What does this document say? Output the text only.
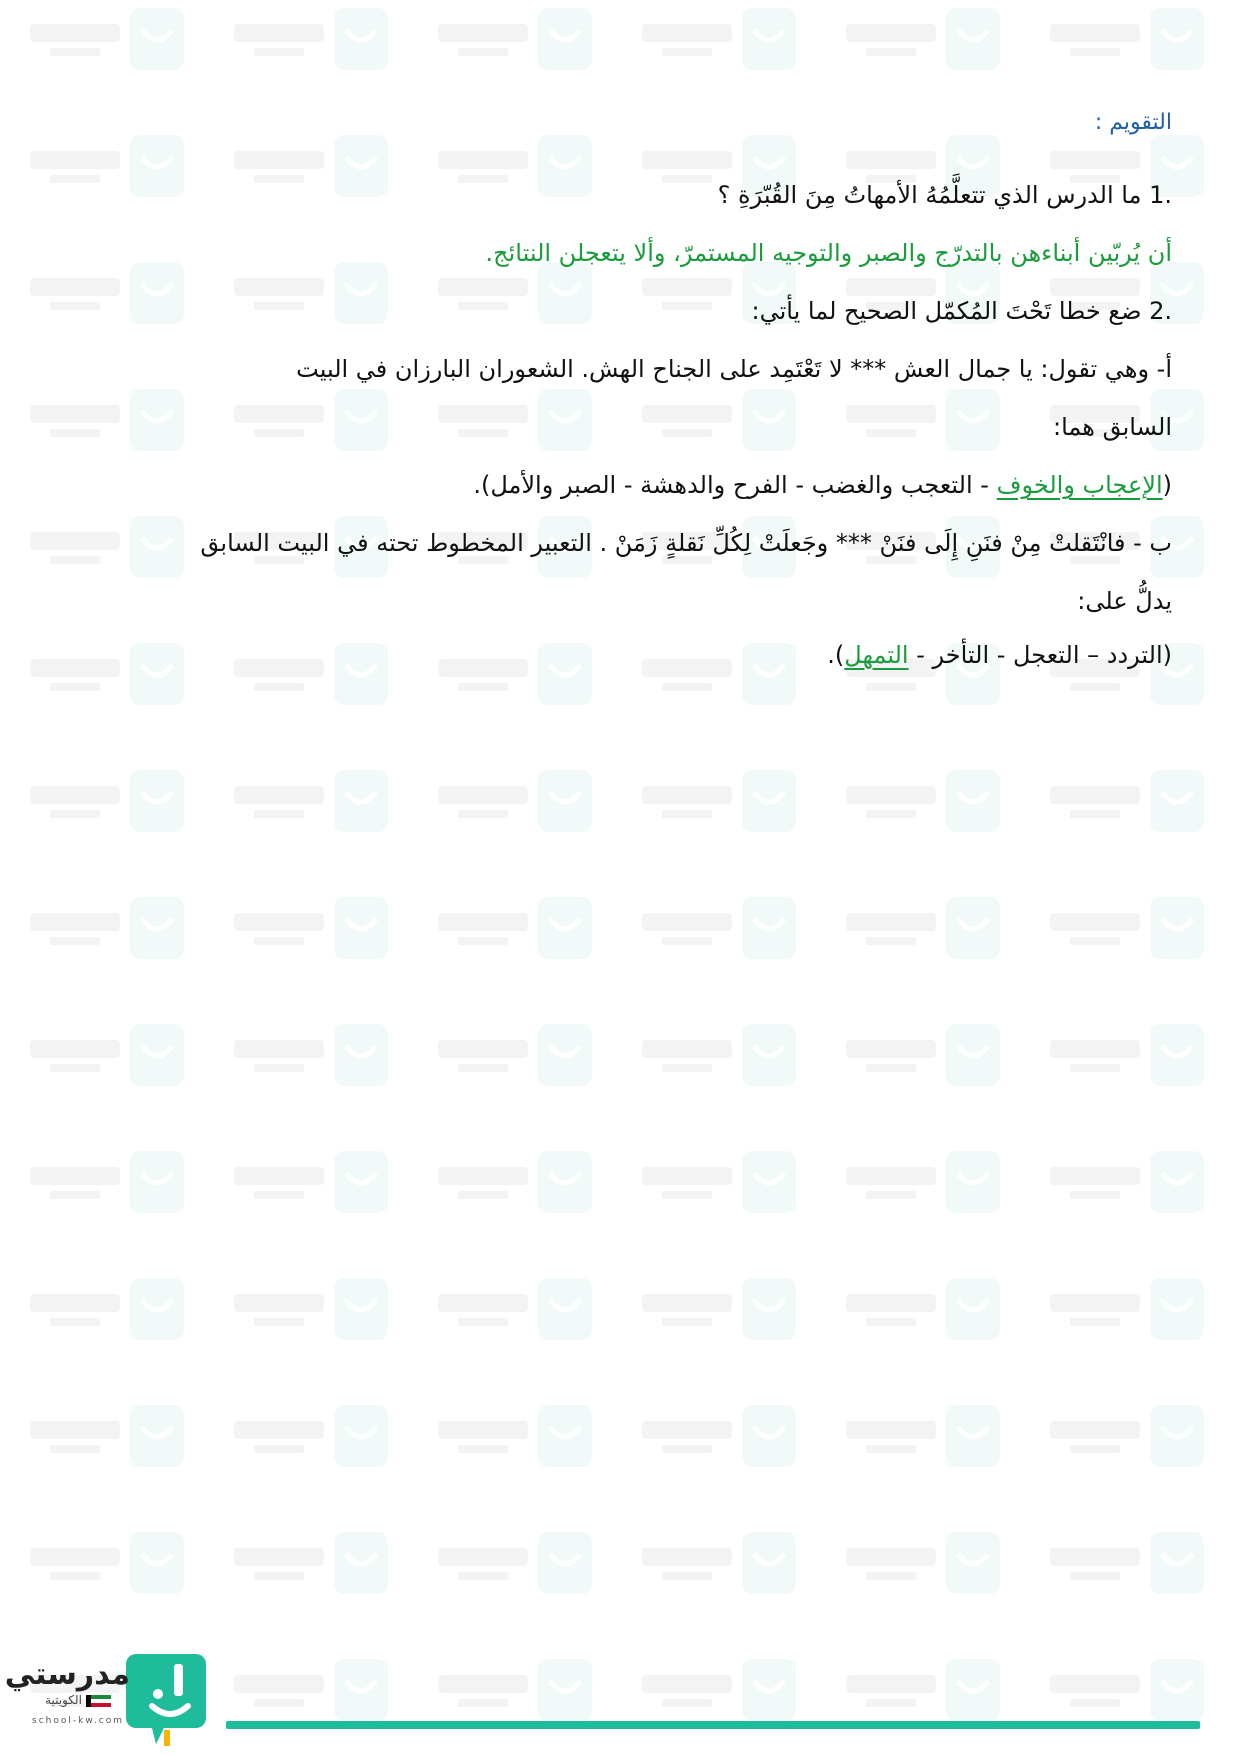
التقويم :
1. ما الدرس الذي تتعلَّمُهُ الأمهاتُ مِنَ القُبّرَةِ ؟
أن يُربّين أبناءهن بالتدرّج والصبر والتوجيه المستمرّ، وألا يتعجلن النتائج.
2. ضع خطا تَحْتَ المُكمّل الصحيح لما يأتي:
أ- وهي تقول: يا جمال العش *** لا تَعْتَمِد على الجناح الهش. الشعوران البارزان في البيت
السابق هما:
(الإعجاب والخوف - التعجب والغضب - الفرح والدهشة - الصبر والأمل).
ب - فانْتَقلتْ مِنْ فنَنِ إِلَى فنَنْ *** وجَعلَتْ لِكُلِّ نَقلةٍ زَمَنْ . التعبير المخطوط تحته في البيت السابق
يدلُّ على:
(التردد – التعجل - التأخر - التمهل).
مدرستي
الكويتية
school-kw.com
